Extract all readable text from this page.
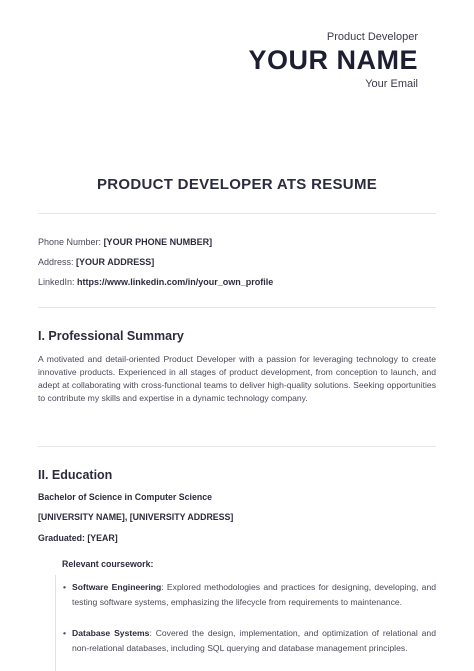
Product Developer
YOUR NAME
Your Email
PRODUCT DEVELOPER ATS RESUME
Phone Number: [YOUR PHONE NUMBER]
Address: [YOUR ADDRESS]
LinkedIn: https://www.linkedin.com/in/your_own_profile
I. Professional Summary
A motivated and detail-oriented Product Developer with a passion for leveraging technology to create innovative products. Experienced in all stages of product development, from conception to launch, and adept at collaborating with cross-functional teams to deliver high-quality solutions. Seeking opportunities to contribute my skills and expertise in a dynamic technology company.
II. Education
Bachelor of Science in Computer Science
[UNIVERSITY NAME], [UNIVERSITY ADDRESS]
Graduated: [YEAR]
Relevant coursework:
• Software Engineering: Explored methodologies and practices for designing, developing, and testing software systems, emphasizing the lifecycle from requirements to maintenance.
• Database Systems: Covered the design, implementation, and optimization of relational and non-relational databases, including SQL querying and database management principles.
